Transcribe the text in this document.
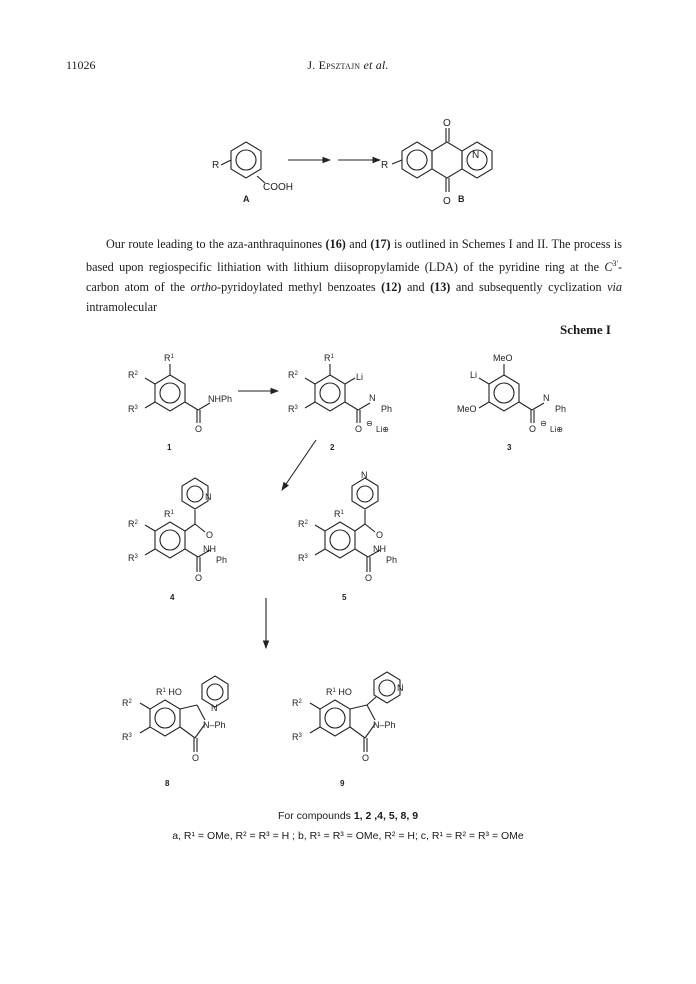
11026	J. Epsztajn et al.
A	B
R
COOH
R
O
O
N
Our route leading to the aza-anthraquinones (16) and (17) is outlined in Schemes I and II. The process is based upon regiospecific lithiation with lithium diisopropylamide (LDA) of the pyridine ring at the $C^{3'}$-carbon atom of the ortho-pyridoylated methyl benzoates (12) and (13) and subsequently cyclization via intramolecular
Scheme I
$R^1$
$R^2$
$R^3$
NHPh
O
1
$R^1$
$R^2$
$R^3$
Li
N
Ph
O
⊖
Li⊕
2
MeO
Li
MeO
N
Ph
O
⊖
Li⊕
3
$R^1$
$R^2$
$R^3$
N
O
NH
Ph
O
4
$R^1$
$R^2$
$R^3$
N
O
NH
Ph
O
5
$R^1$ HO
$R^2$
$R^3$
N
N–Ph
O
8
$R^1$ HO
$R^2$
$R^3$
N
N–Ph
O
9
For compounds 1, 2 ,4, 5, 8, 9
a, R¹ = OMe, R² = R³ = H ; b, R¹ = R³ = OMe, R² = H; c, R¹ = R² = R³ = OMe
